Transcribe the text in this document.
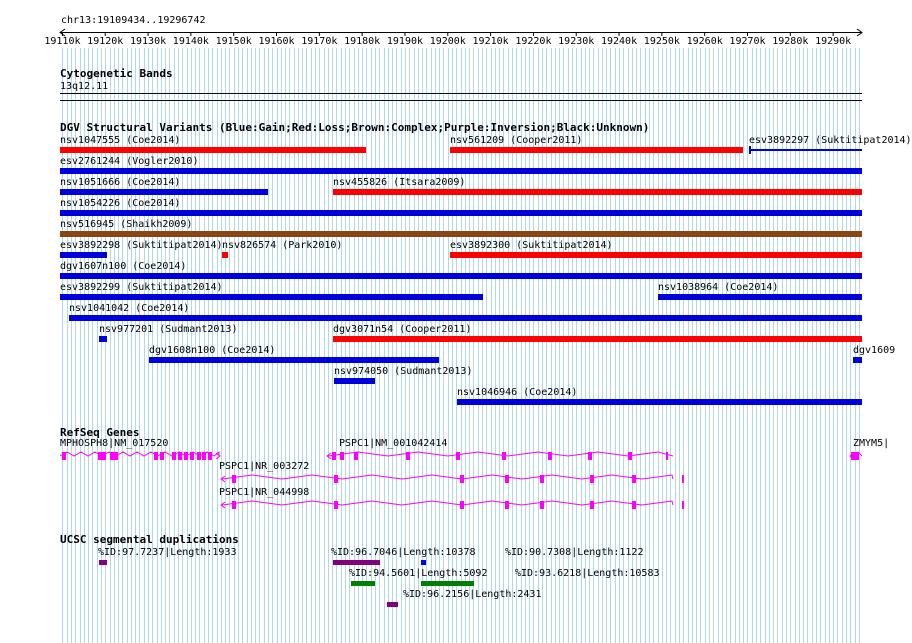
chr13:19109434..19296742
19110k 19120k 19130k 19140k 19150k 19160k 19170k 19180k 19190k 19200k 19210k 19220k 19230k 19240k 19250k 19260k 19270k 19280k 19290k
Cytogenetic Bands
13q12.11
DGV Structural Variants (Blue:Gain;Red:Loss;Brown:Complex;Purple:Inversion;Black:Unknown)
RefSeq Genes
UCSC segmental duplications
nsv1047555 (Coe2014)	nsv561209 (Cooper2011)	esv3892297 (Suktitipat2014)
esv2761244 (Vogler2010)
nsv1051666 (Coe2014)	nsv455826 (Itsara2009)
nsv1054226 (Coe2014)
nsv516945 (Shaikh2009)
esv3892298 (Suktitipat2014) nsv826574 (Park2010)	esv3892300 (Suktitipat2014)
dgv1607n100 (Coe2014)
esv3892299 (Suktitipat2014)	nsv1038964 (Coe2014)
nsv1041042 (Coe2014)
nsv977201 (Sudmant2013)	dgv3071n54 (Cooper2011)
dgv1608n100 (Coe2014)	dgv1609
nsv974050 (Sudmant2013)
nsv1046946 (Coe2014)
MPHOSPH8|NM_017520	PSPC1|NM_001042414
PSPC1|NR_003272
PSPC1|NR_044998
ZMYM5|
%ID:97.7237|Length:1933	%ID:96.7046|Length:10378	%ID:90.7308|Length:1122
%ID:94.5601|Length:5092	%ID:93.6218|Length:10583
%ID:96.2156|Length:2431
